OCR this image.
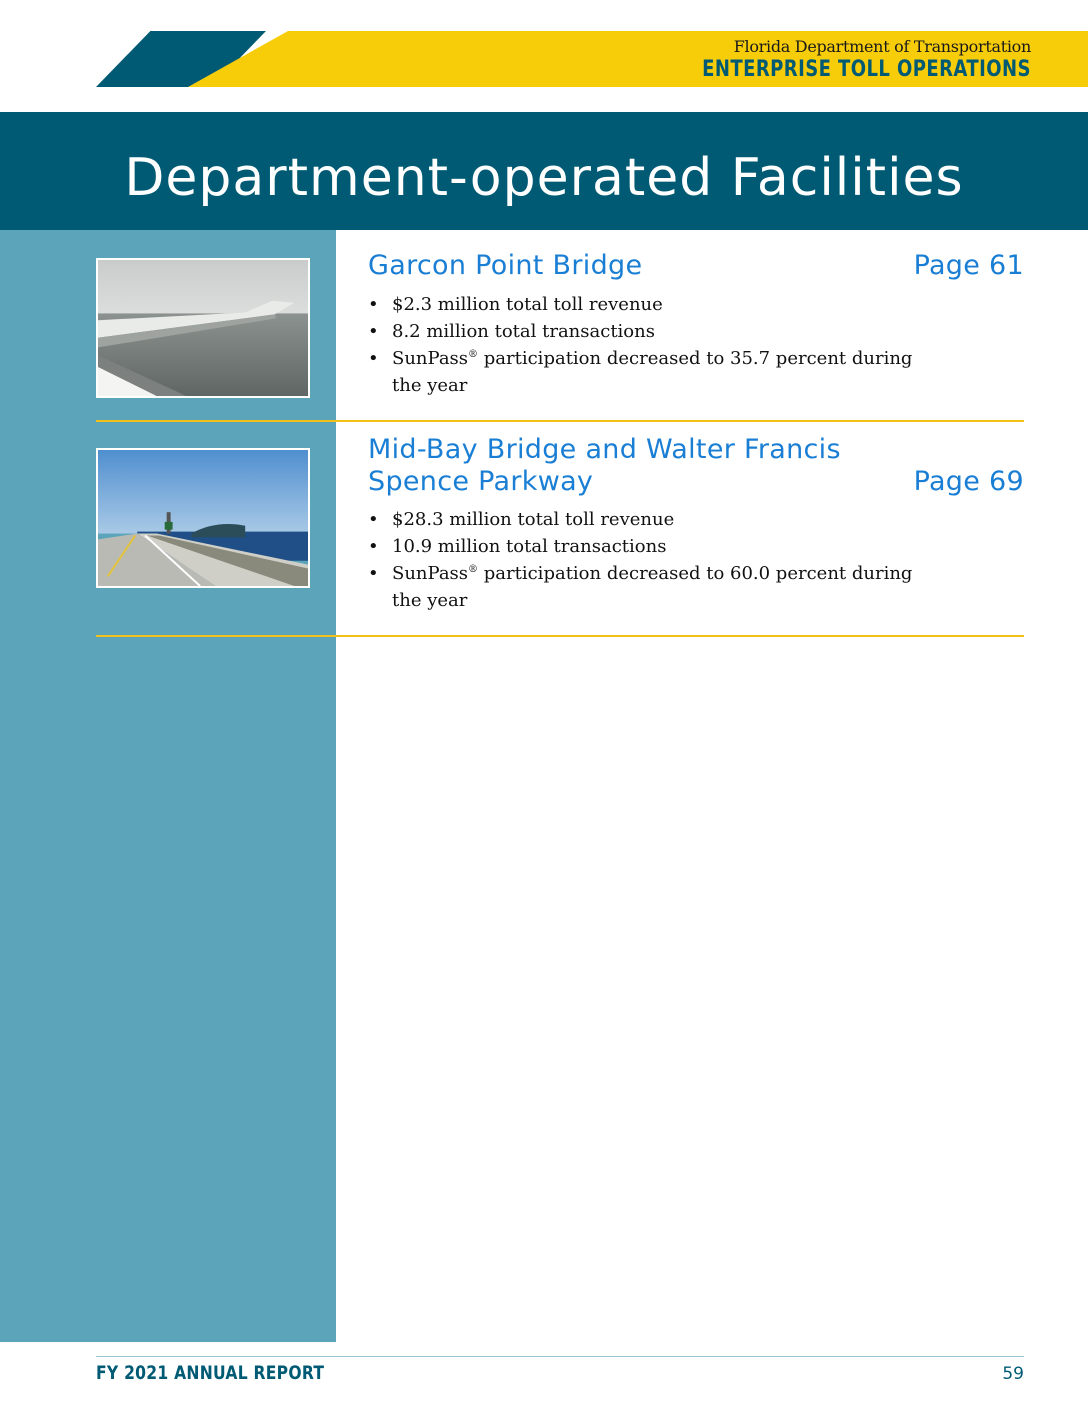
Florida Department of Transportation
ENTERPRISE TOLL OPERATIONS
Department-operated Facilities
Garcon Point Bridge	Page 61
• $2.3 million total toll revenue
• 8.2 million total transactions
• SunPass® participation decreased to 35.7 percent during the year
Mid-Bay Bridge and Walter Francis Spence Parkway	Page 69
• $28.3 million total toll revenue
• 10.9 million total transactions
• SunPass® participation decreased to 60.0 percent during the year
FY 2021 ANNUAL REPORT	59
